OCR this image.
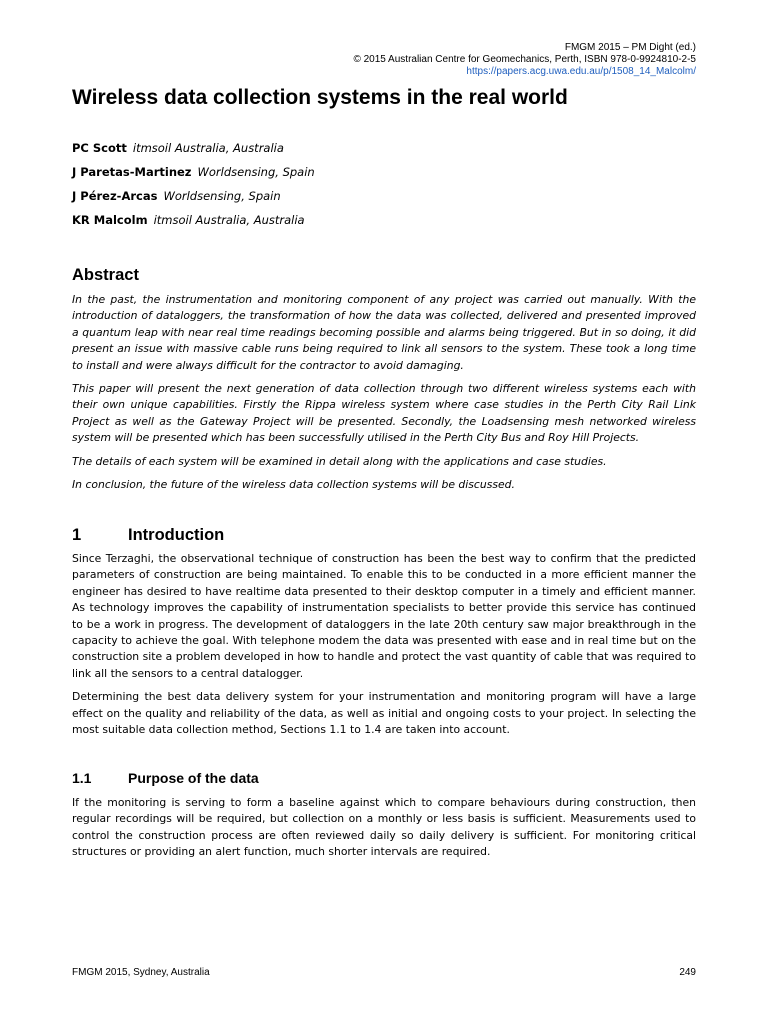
FMGM 2015 – PM Dight (ed.)
© 2015 Australian Centre for Geomechanics, Perth, ISBN 978-0-9924810-2-5
https://papers.acg.uwa.edu.au/p/1508_14_Malcolm/
Wireless data collection systems in the real world
PC Scott itmsoil Australia, Australia
J Paretas-Martinez Worldsensing, Spain
J Pérez-Arcas Worldsensing, Spain
KR Malcolm itmsoil Australia, Australia
Abstract

In the past, the instrumentation and monitoring component of any project was carried out manually. With the introduction of dataloggers, the transformation of how the data was collected, delivered and presented improved a quantum leap with near real time readings becoming possible and alarms being triggered. But in so doing, it did present an issue with massive cable runs being required to link all sensors to the system. These took a long time to install and were always difficult for the contractor to avoid damaging.

This paper will present the next generation of data collection through two different wireless systems each with their own unique capabilities. Firstly the Rippa wireless system where case studies in the Perth City Rail Link Project as well as the Gateway Project will be presented. Secondly, the Loadsensing mesh networked wireless system will be presented which has been successfully utilised in the Perth City Bus and Roy Hill Projects.

The details of each system will be examined in detail along with the applications and case studies.

In conclusion, the future of the wireless data collection systems will be discussed.

1	Introduction

Since Terzaghi, the observational technique of construction has been the best way to confirm that the predicted parameters of construction are being maintained. To enable this to be conducted in a more efficient manner the engineer has desired to have realtime data presented to their desktop computer in a timely and efficient manner. As technology improves the capability of instrumentation specialists to better provide this service has continued to be a work in progress. The development of dataloggers in the late 20th century saw major breakthrough in the capacity to achieve the goal. With telephone modem the data was presented with ease and in real time but on the construction site a problem developed in how to handle and protect the vast quantity of cable that was required to link all the sensors to a central datalogger.

Determining the best data delivery system for your instrumentation and monitoring program will have a large effect on the quality and reliability of the data, as well as initial and ongoing costs to your project. In selecting the most suitable data collection method, Sections 1.1 to 1.4 are taken into account.

1.1	Purpose of the data

If the monitoring is serving to form a baseline against which to compare behaviours during construction, then regular recordings will be required, but collection on a monthly or less basis is sufficient. Measurements used to control the construction process are often reviewed daily so daily delivery is sufficient. For monitoring critical structures or providing an alert function, much shorter intervals are required.

FMGM 2015, Sydney, Australia	249
